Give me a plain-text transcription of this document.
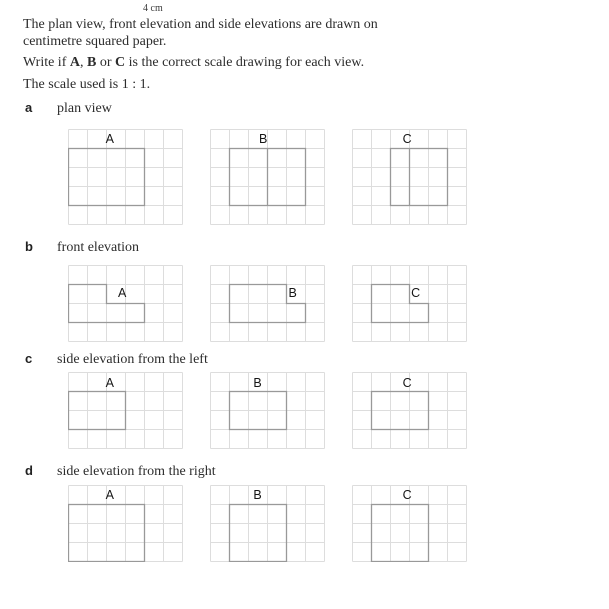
4 cm
The plan view, front elevation and side elevations are drawn on
centimetre squared paper.
Write if A, B or C is the correct scale drawing for each view.
The scale used is 1 : 1.
a plan view
A	B	C
b front elevation
A	B	C
c side elevation from the left
A	B	C
d side elevation from the right
A	B	C
